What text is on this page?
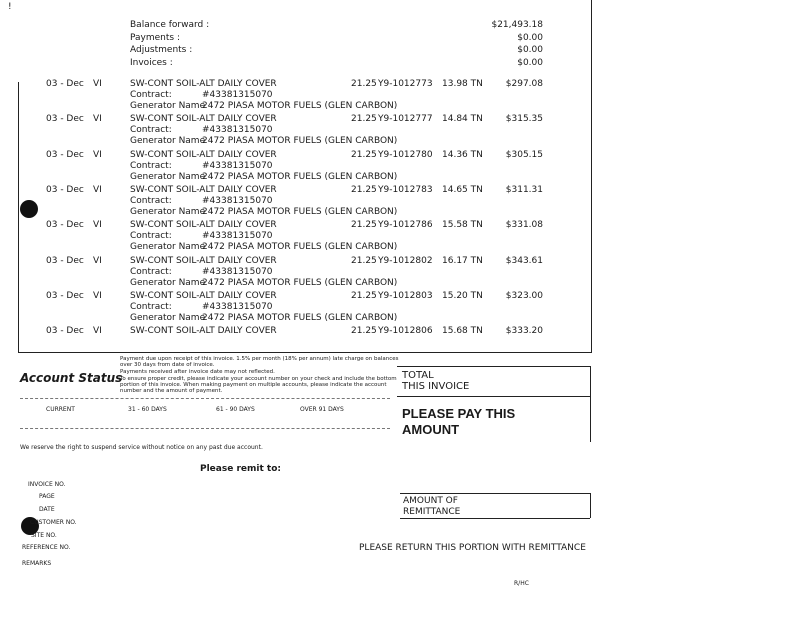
!
Balance forward :	$21,493.18
Payments :	$0.00
Adjustments :	$0.00
Invoices :	$0.00
03 - Dec VI	SW-CONT SOIL-ALT DAILY COVER	21.25 Y9-1012773 13.98 TN	$297.08
Contract:	#43381315070
Generator Name
2472 PIASA MOTOR FUELS (GLEN CARBON)
03 - Dec VI	SW-CONT SOIL-ALT DAILY COVER	21.25 Y9-1012777 14.84 TN	$315.35
Contract:	#43381315070
Generator Name
2472 PIASA MOTOR FUELS (GLEN CARBON)
03 - Dec VI	SW-CONT SOIL-ALT DAILY COVER	21.25 Y9-1012780 14.36 TN	$305.15
Contract:	#43381315070
Generator Name
2472 PIASA MOTOR FUELS (GLEN CARBON)
03 - Dec VI	SW-CONT SOIL-ALT DAILY COVER	21.25 Y9-1012783 14.65 TN	$311.31
Contract:	#43381315070
Generator Name
2472 PIASA MOTOR FUELS (GLEN CARBON)
03 - Dec VI	SW-CONT SOIL-ALT DAILY COVER	21.25 Y9-1012786 15.58 TN	$331.08
Contract:	#43381315070
Generator Name
2472 PIASA MOTOR FUELS (GLEN CARBON)
03 - Dec VI	SW-CONT SOIL-ALT DAILY COVER	21.25 Y9-1012802 16.17 TN	$343.61
Contract:	#43381315070
Generator Name
2472 PIASA MOTOR FUELS (GLEN CARBON)
03 - Dec VI	SW-CONT SOIL-ALT DAILY COVER	21.25 Y9-1012803 15.20 TN	$323.00
Contract:	#43381315070
Generator Name
2472 PIASA MOTOR FUELS (GLEN CARBON)
03 - Dec VI	SW-CONT SOIL-ALT DAILY COVER	21.25 Y9-1012806 15.68 TN	$333.20
Account Status
Payment due upon receipt of this invoice. 1.5% per month (18% per annum) late charge on balances
over 30 days from date of invoice.
Payments received after invoice date may not reflected.
To ensure proper credit, please indicate your account number on your check and include the bottom
portion of this invoice. When making payment on multiple accounts, please indicate the account
number and the amount of payment.
CURRENT	31 - 60 DAYS	61 - 90 DAYS	OVER 91 DAYS
TOTAL
THIS INVOICE
PLEASE PAY THIS
AMOUNT
We reserve the right to suspend service without notice on any past due account.
Please remit to:
INVOICE NO.
PAGE
DATE
CUSTOMER NO.
SITE NO.
REFERENCE NO.
REMARKS
AMOUNT OF
REMITTANCE
PLEASE RETURN THIS PORTION WITH REMITTANCE
R/HC
